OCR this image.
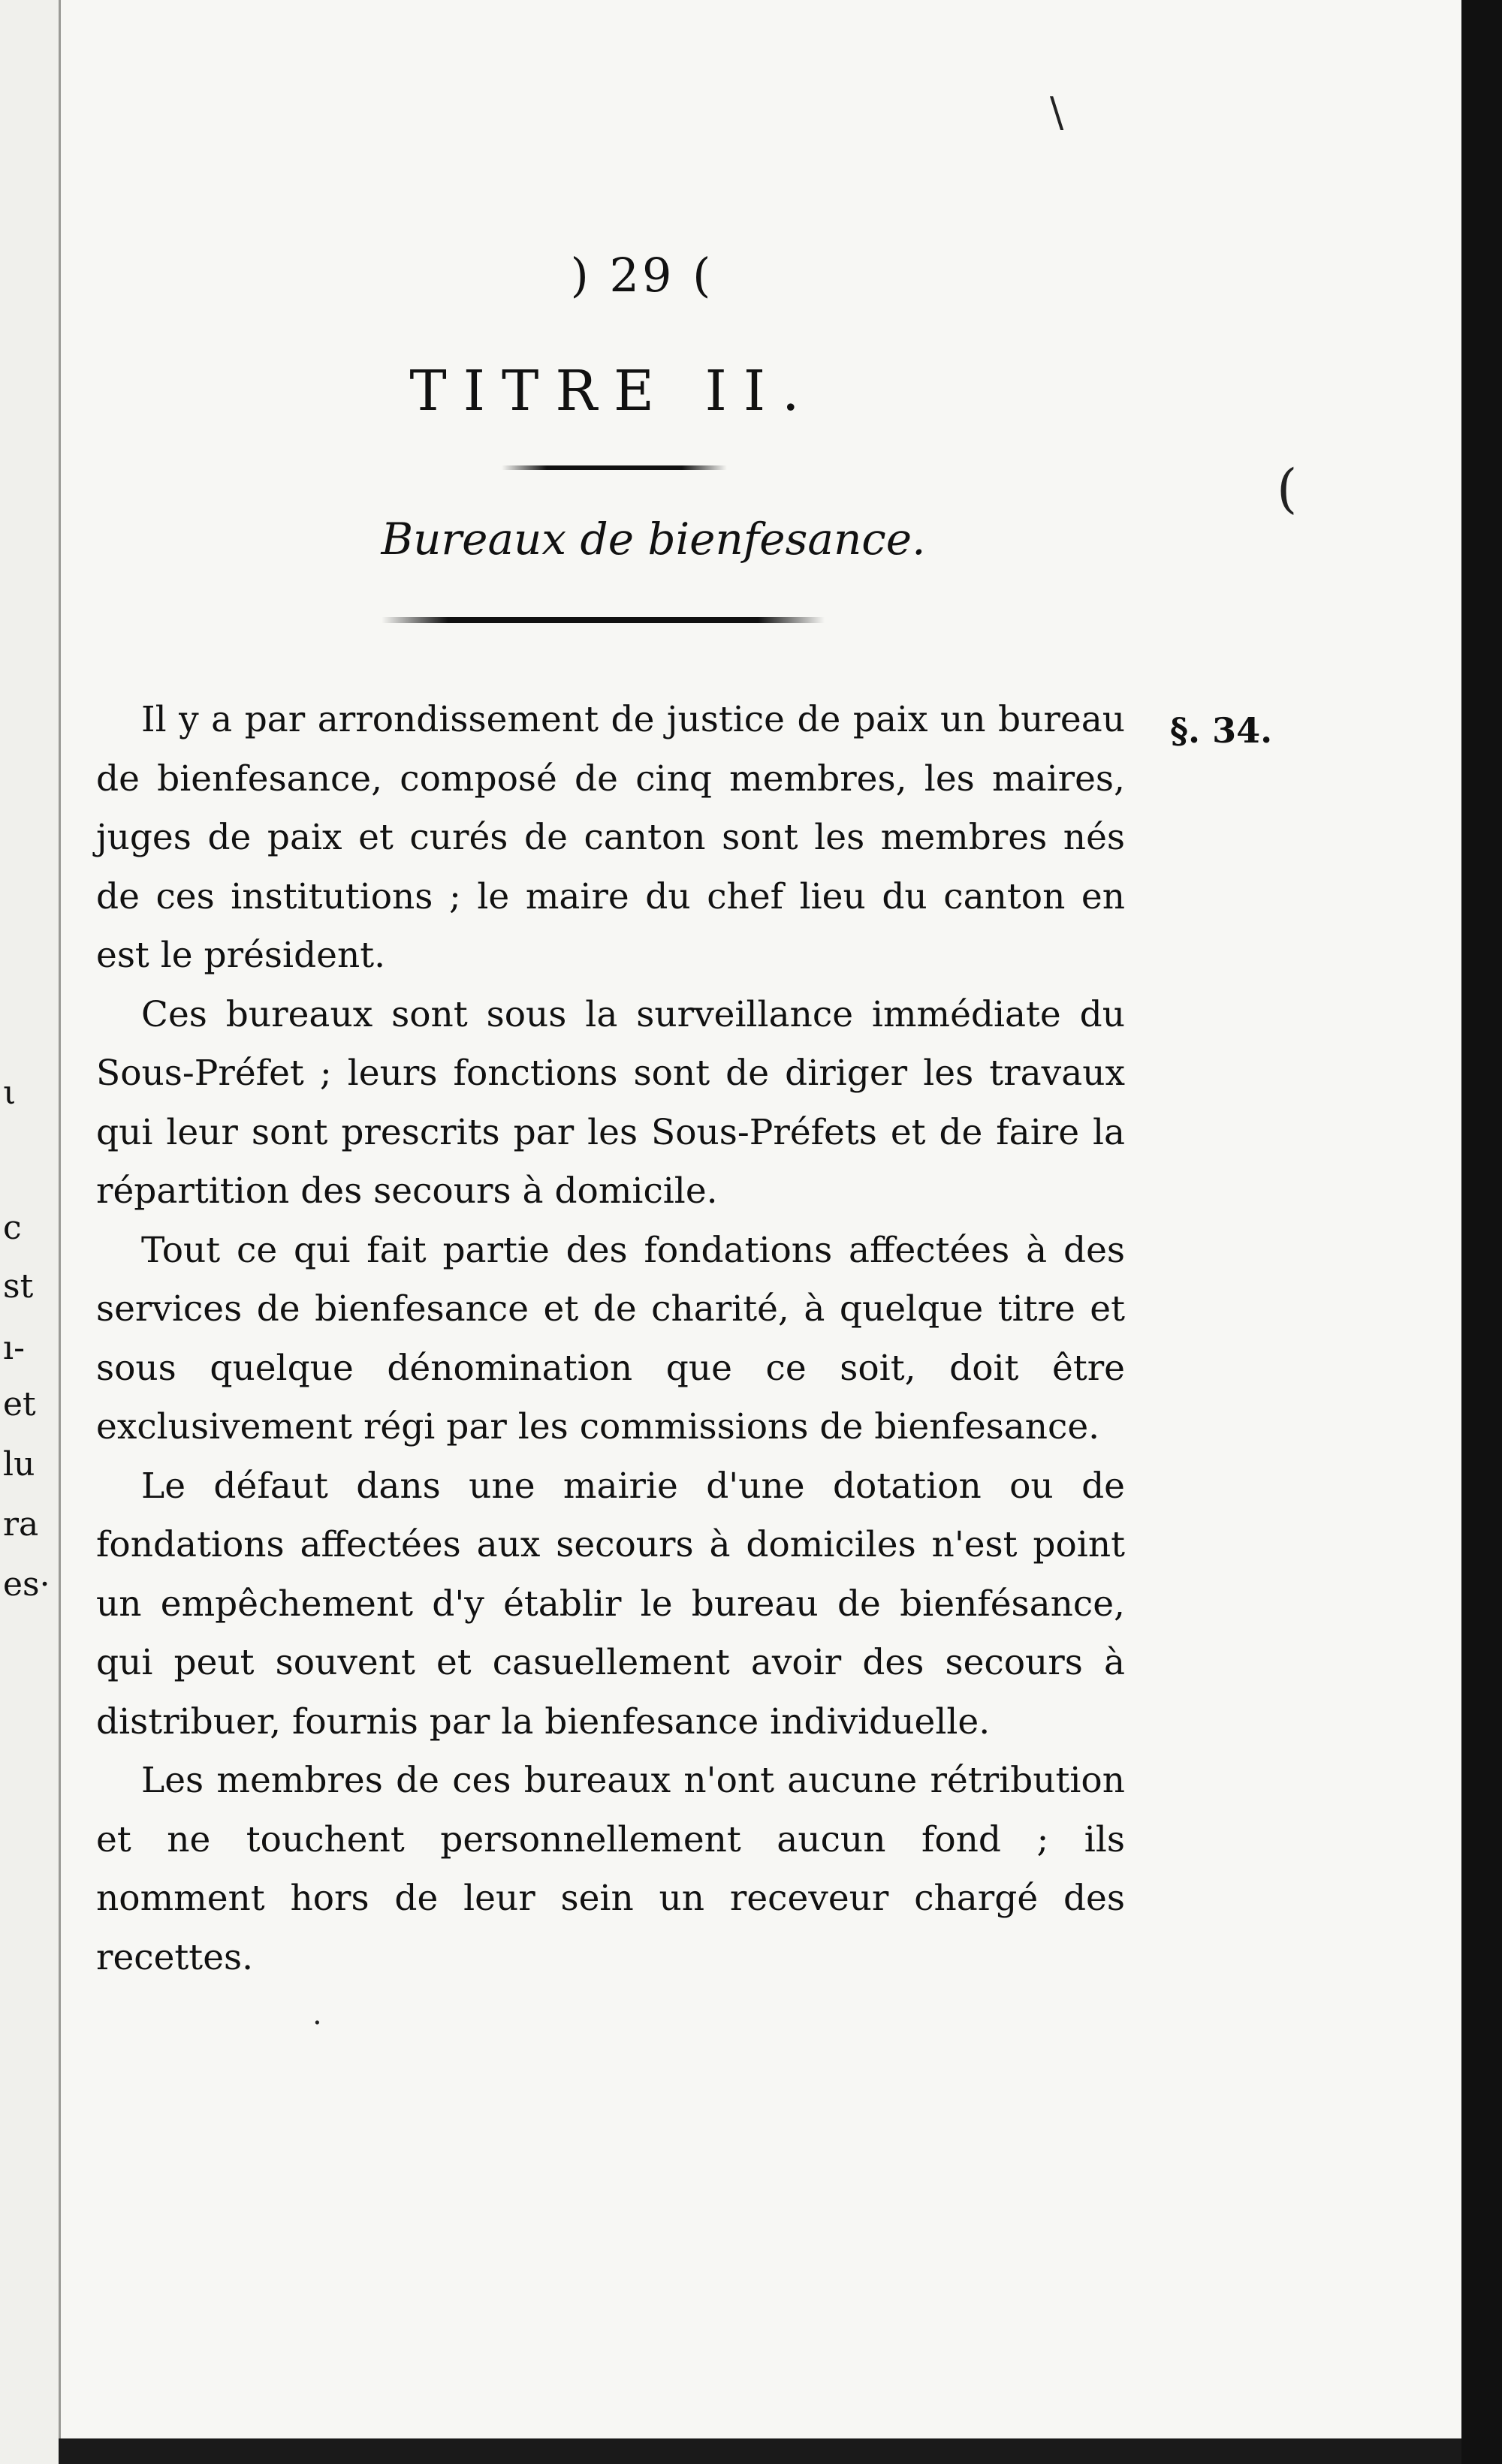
ι
c
st
ı-
et
lu
ra
es·
\
(
.
) 29 (
TITRE II.
Bureaux de bienfesance.
§. 34.

Il y a par arrondissement de justice de paix un bureau de bienfesance, composé de cinq membres, les maires, juges de paix et curés de canton sont les membres nés de ces institutions ; le maire du chef lieu du canton en est le président.

Ces bureaux sont sous la surveillance immédiate du Sous-Préfet ; leurs fonctions sont de diriger les travaux qui leur sont prescrits par les Sous-Préfets et de faire la répartition des secours à domicile.

Tout ce qui fait partie des fondations affectées à des services de bienfesance et de charité, à quelque titre et sous quelque dénomination que ce soit, doit être exclusivement régi par les commissions de bienfesance.

Le défaut dans une mairie d'une dotation ou de fondations affectées aux secours à domiciles n'est point un empêchement d'y établir le bureau de bienfésance, qui peut souvent et casuellement avoir des secours à distribuer, fournis par la bienfesance individuelle.

Les membres de ces bureaux n'ont aucune rétribution et ne touchent personnellement aucun fond ; ils nomment hors de leur sein un receveur chargé des recettes.
